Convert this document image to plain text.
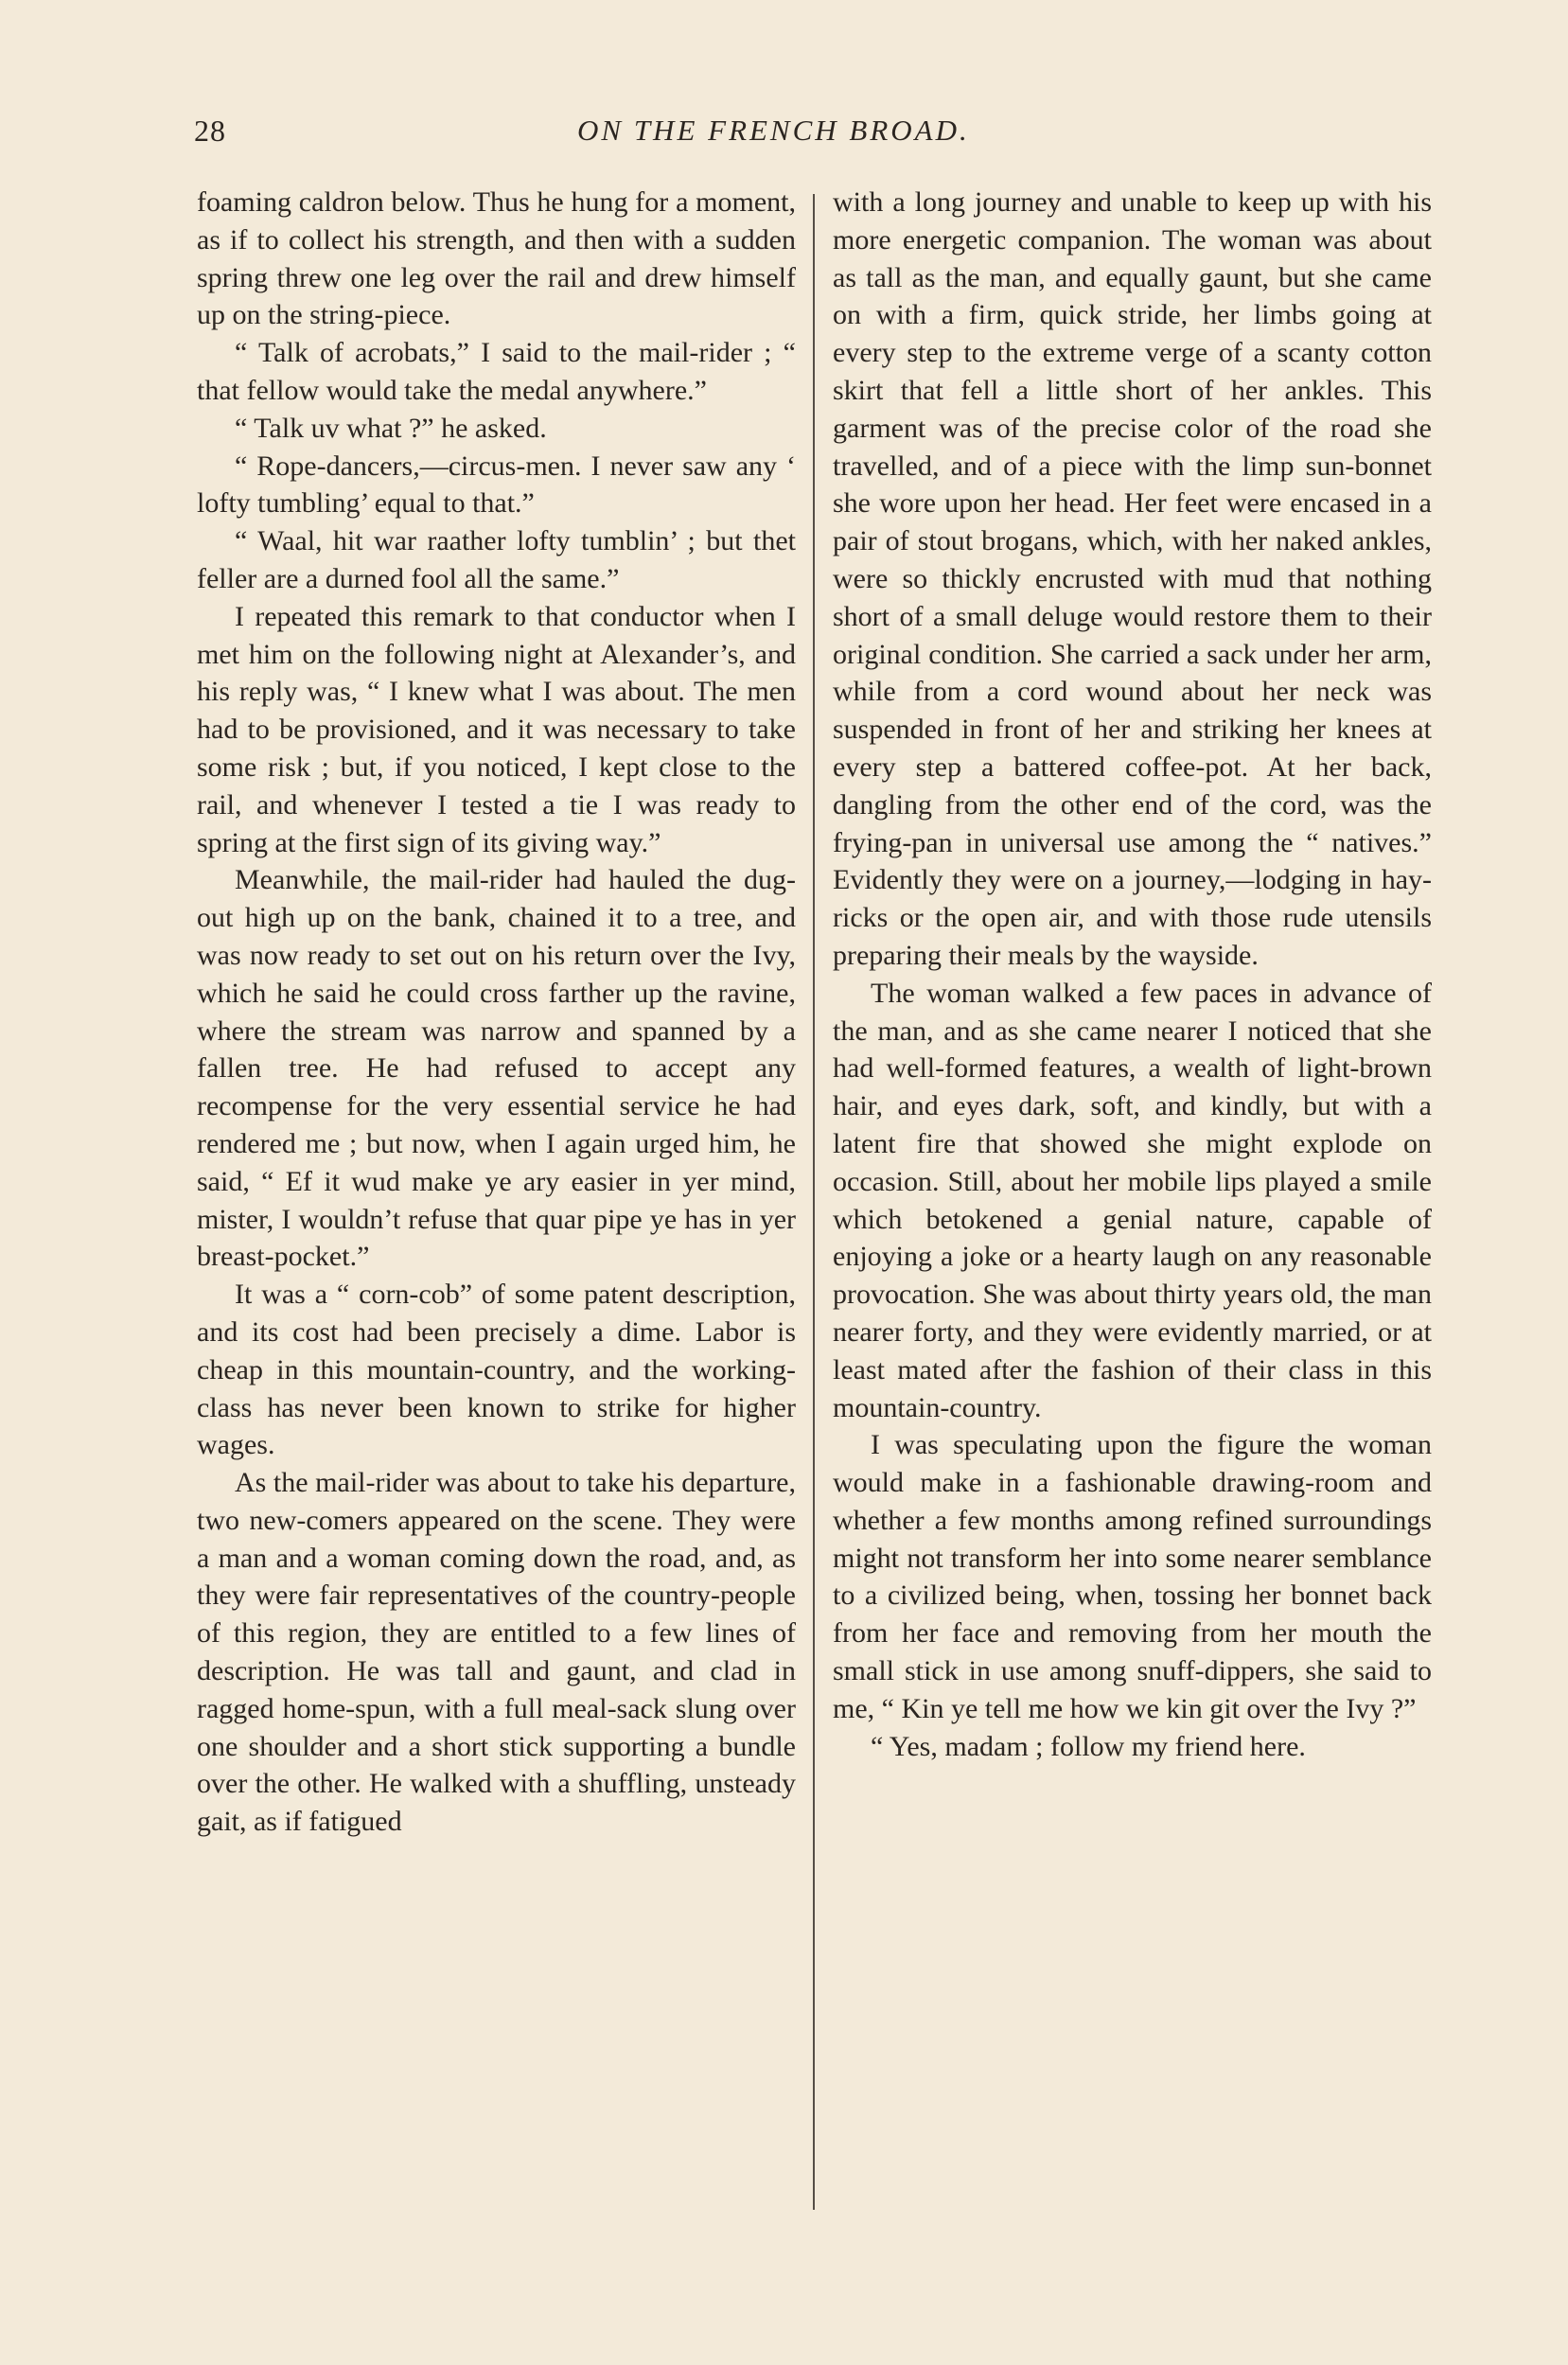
28	ON THE FRENCH BROAD.

foaming caldron below. Thus he hung for a moment, as if to collect his strength, and then with a sudden spring threw one leg over the rail and drew himself up on the string-piece.

“ Talk of acrobats,” I said to the mail-rider ; “ that fellow would take the medal anywhere.”

“ Talk uv what ?” he asked.

“ Rope-dancers,—circus-men. I never saw any ‘ lofty tumbling’ equal to that.”

“ Waal, hit war raather lofty tumblin’ ; but thet feller are a durned fool all the same.”

I repeated this remark to that conductor when I met him on the following night at Alexander’s, and his reply was, “ I knew what I was about. The men had to be provisioned, and it was necessary to take some risk ; but, if you noticed, I kept close to the rail, and whenever I tested a tie I was ready to spring at the first sign of its giving way.”

Meanwhile, the mail-rider had hauled the dug-out high up on the bank, chained it to a tree, and was now ready to set out on his return over the Ivy, which he said he could cross farther up the ravine, where the stream was narrow and spanned by a fallen tree. He had refused to accept any recompense for the very essential service he had rendered me ; but now, when I again urged him, he said, “ Ef it wud make ye ary easier in yer mind, mister, I wouldn’t refuse that quar pipe ye has in yer breast-pocket.”

It was a “ corn-cob” of some patent description, and its cost had been precisely a dime. Labor is cheap in this mountain-country, and the working-class has never been known to strike for higher wages.

As the mail-rider was about to take his departure, two new-comers appeared on the scene. They were a man and a woman coming down the road, and, as they were fair representatives of the country-people of this region, they are entitled to a few lines of description. He was tall and gaunt, and clad in ragged home-spun, with a full meal-sack slung over one shoulder and a short stick supporting a bundle over the other. He walked with a shuffling, unsteady gait, as if fatigued

with a long journey and unable to keep up with his more energetic companion. The woman was about as tall as the man, and equally gaunt, but she came on with a firm, quick stride, her limbs going at every step to the extreme verge of a scanty cotton skirt that fell a little short of her ankles. This garment was of the precise color of the road she travelled, and of a piece with the limp sun-bonnet she wore upon her head. Her feet were encased in a pair of stout brogans, which, with her naked ankles, were so thickly encrusted with mud that nothing short of a small deluge would restore them to their original condition. She carried a sack under her arm, while from a cord wound about her neck was suspended in front of her and striking her knees at every step a battered coffee-pot. At her back, dangling from the other end of the cord, was the frying-pan in universal use among the “ natives.” Evidently they were on a journey,—lodging in hay-ricks or the open air, and with those rude utensils preparing their meals by the wayside.

The woman walked a few paces in advance of the man, and as she came nearer I noticed that she had well-formed features, a wealth of light-brown hair, and eyes dark, soft, and kindly, but with a latent fire that showed she might explode on occasion. Still, about her mobile lips played a smile which betokened a genial nature, capable of enjoying a joke or a hearty laugh on any reasonable provocation. She was about thirty years old, the man nearer forty, and they were evidently married, or at least mated after the fashion of their class in this mountain-country.

I was speculating upon the figure the woman would make in a fashionable drawing-room and whether a few months among refined surroundings might not transform her into some nearer semblance to a civilized being, when, tossing her bonnet back from her face and removing from her mouth the small stick in use among snuff-dippers, she said to me, “ Kin ye tell me how we kin git over the Ivy ?”

“ Yes, madam ; follow my friend here.
